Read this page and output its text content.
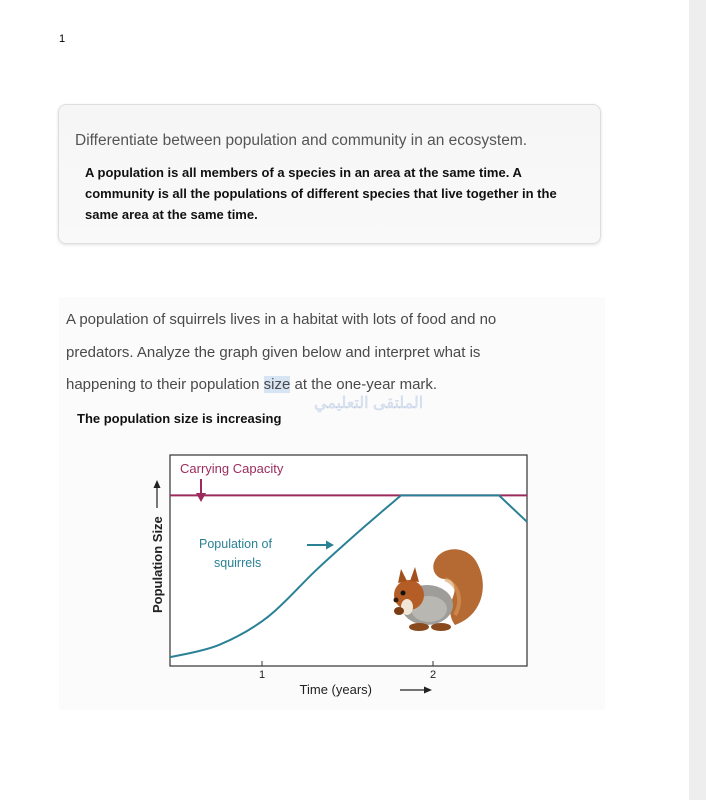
1
Differentiate between population and community in an ecosystem.
A population is all members of a species in an area at the same time. A community is all the populations of different species that live together in the same area at the same time.
A population of squirrels lives in a habitat with lots of food and no
predators. Analyze the graph given below and interpret what is
happening to their population size at the one-year mark.
الملتقى التعليمي
The population size is increasing
1	2
Time (years)
Population Size
Carrying Capacity
Population of
squirrels
